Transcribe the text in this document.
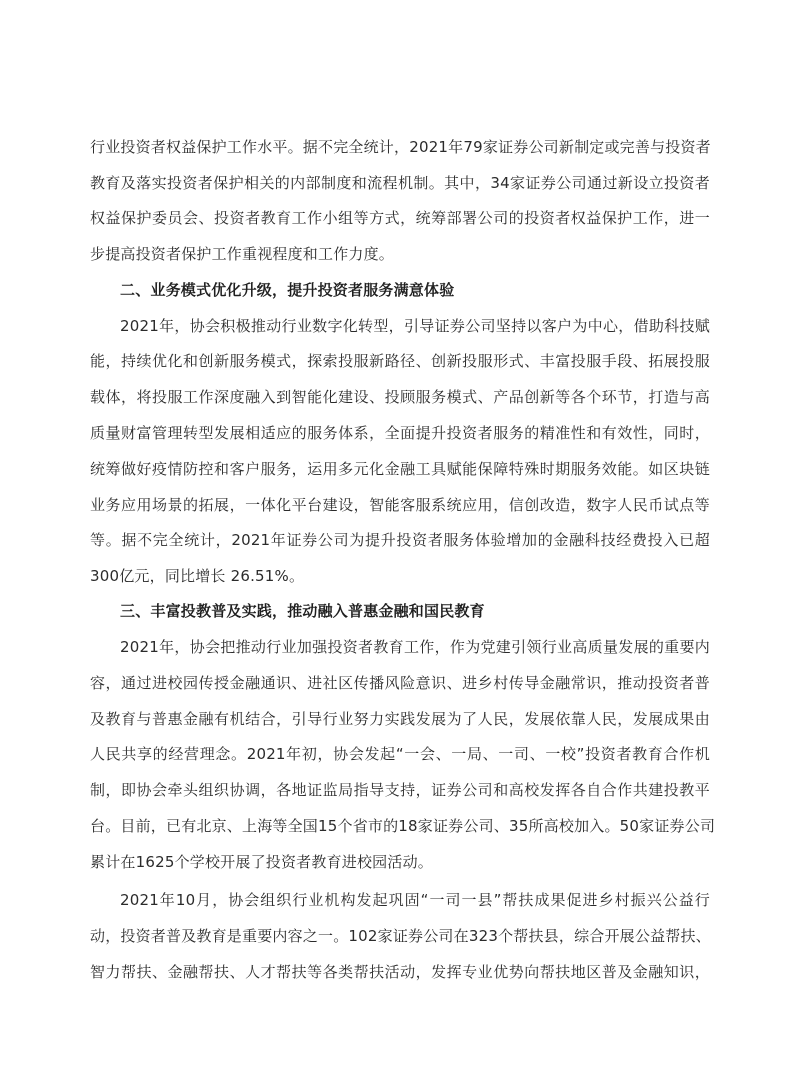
行业投资者权益保护工作水平。据不完全统计，2021年79家证券公司新制定或完善与投资者
教育及落实投资者保护相关的内部制度和流程机制。其中，34家证券公司通过新设立投资者
权益保护委员会、投资者教育工作小组等方式，统筹部署公司的投资者权益保护工作，进一
步提高投资者保护工作重视程度和工作力度。
二、业务模式优化升级，提升投资者服务满意体验
2021年，协会积极推动行业数字化转型，引导证券公司坚持以客户为中心，借助科技赋
能，持续优化和创新服务模式，探索投服新路径、创新投服形式、丰富投服手段、拓展投服
载体，将投服工作深度融入到智能化建设、投顾服务模式、产品创新等各个环节，打造与高
质量财富管理转型发展相适应的服务体系，全面提升投资者服务的精准性和有效性，同时，
统筹做好疫情防控和客户服务，运用多元化金融工具赋能保障特殊时期服务效能。如区块链
业务应用场景的拓展，一体化平台建设，智能客服系统应用，信创改造，数字人民币试点等
等。据不完全统计，2021年证券公司为提升投资者服务体验增加的金融科技经费投入已超
300亿元，同比增长 26.51%。
三、丰富投教普及实践，推动融入普惠金融和国民教育
2021年，协会把推动行业加强投资者教育工作，作为党建引领行业高质量发展的重要内
容，通过进校园传授金融通识、进社区传播风险意识、进乡村传导金融常识，推动投资者普
及教育与普惠金融有机结合，引导行业努力实践发展为了人民，发展依靠人民，发展成果由
人民共享的经营理念。2021年初，协会发起“一会、一局、一司、一校”投资者教育合作机
制，即协会牵头组织协调，各地证监局指导支持，证券公司和高校发挥各自合作共建投教平
台。目前，已有北京、上海等全国15个省市的18家证券公司、35所高校加入。50家证券公司
累计在1625个学校开展了投资者教育进校园活动。
2021年10月，协会组织行业机构发起巩固“一司一县”帮扶成果促进乡村振兴公益行
动，投资者普及教育是重要内容之一。102家证券公司在323个帮扶县，综合开展公益帮扶、
智力帮扶、金融帮扶、人才帮扶等各类帮扶活动，发挥专业优势向帮扶地区普及金融知识，
